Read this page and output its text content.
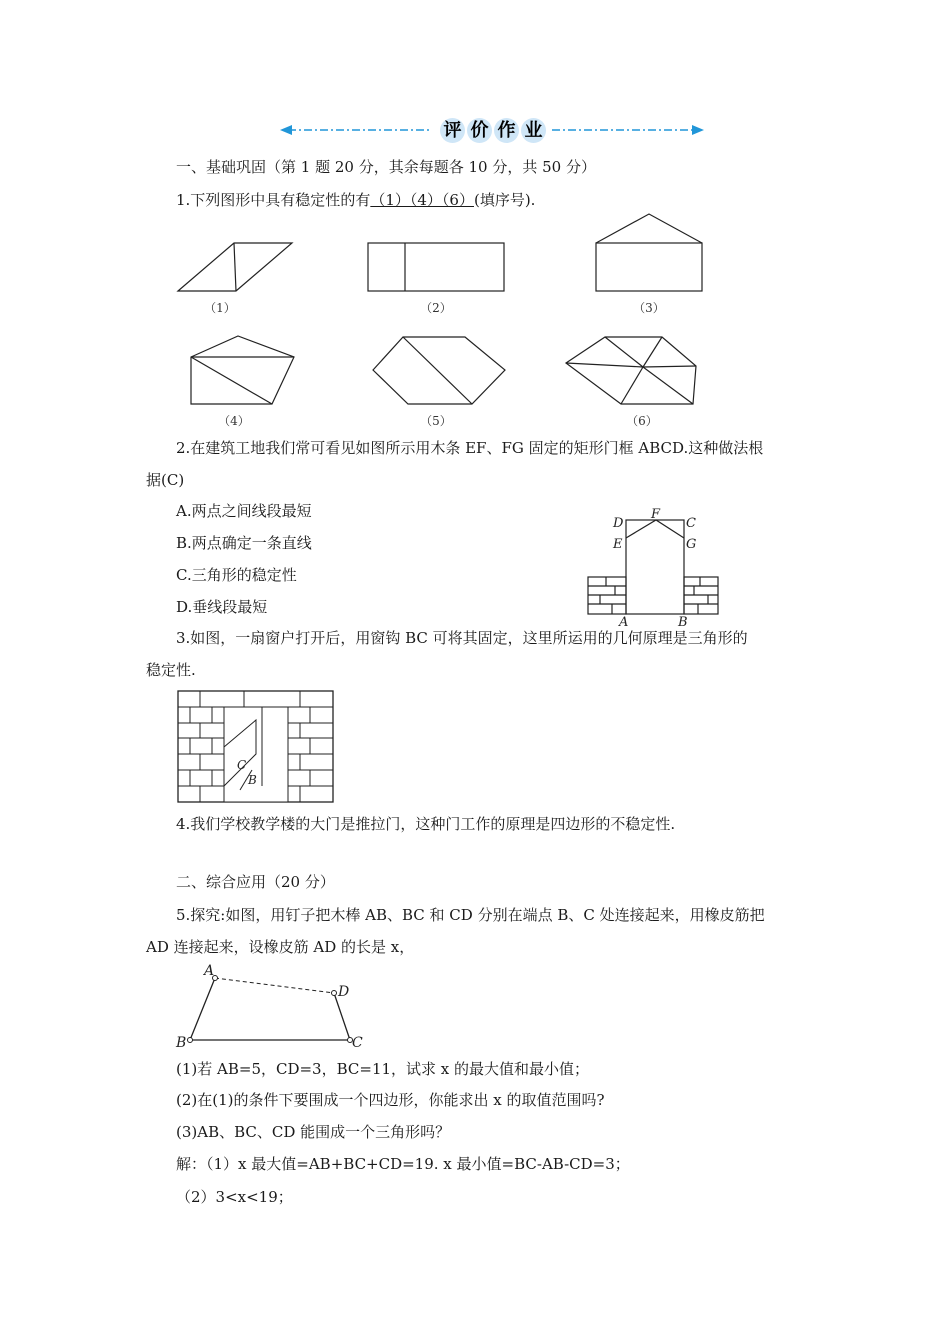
评 价 作 业
一、基础巩固（第 1 题 20 分，其余每题各 10 分，共 50 分）
1.下列图形中具有稳定性的有（1）（4）（6）(填序号).
（1）	（2）	（3）
（4）	（5）	（6）
2.在建筑工地我们常可看见如图所示用木条 EF、FG 固定的矩形门框 ABCD.这种做法根
据(C)
A.两点之间线段最短
B.两点确定一条直线
C.三角形的稳定性
D.垂线段最短
D
F
C
E	G
A	B
3.如图，一扇窗户打开后，用窗钩 BC 可将其固定，这里所运用的几何原理是三角形的
稳定性.
C
B
4.我们学校教学楼的大门是推拉门，这种门工作的原理是四边形的不稳定性.
二、综合应用（20 分）
5.探究:如图，用钉子把木棒 AB、BC 和 CD 分别在端点 B、C 处连接起来，用橡皮筋把
AD 连接起来，设橡皮筋 AD 的长是 x，
A
D
B	C
(1)若 AB=5，CD=3，BC=11，试求 x 的最大值和最小值；
(2)在(1)的条件下要围成一个四边形，你能求出 x 的取值范围吗?
(3)AB、BC、CD 能围成一个三角形吗？
解：（1）x 最大值=AB+BC+CD=19. x 最小值=BC-AB-CD=3；
（2）3<x<19；
